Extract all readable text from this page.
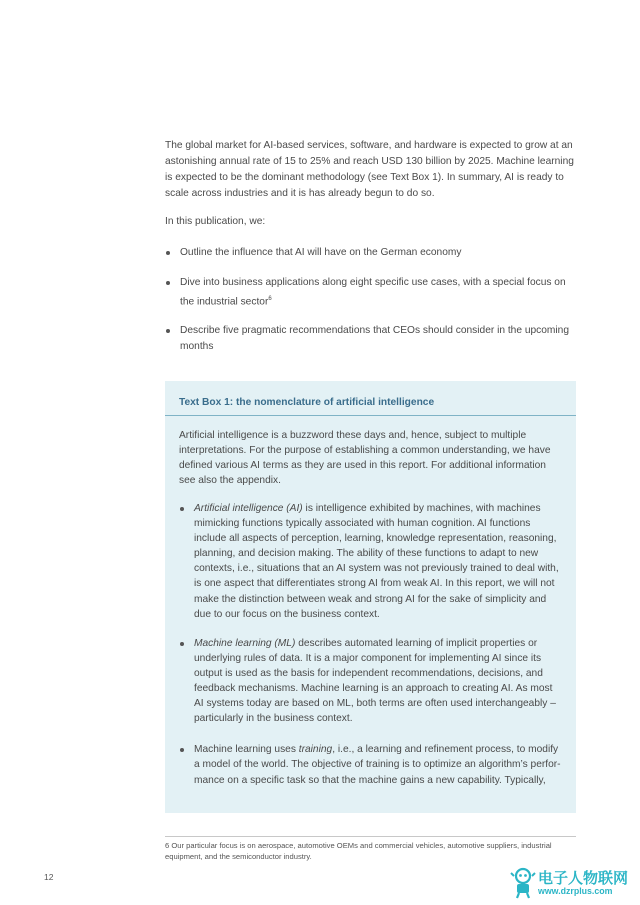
The global market for AI-based services, software, and hardware is expected to grow at an astonishing annual rate of 15 to 25% and reach USD 130 billion by 2025. Machine learning is expected to be the dominant methodology (see Text Box 1). In summary, AI is ready to scale across industries and it is has already begun to do so.

In this publication, we:

Outline the influence that AI will have on the German economy
Dive into business applications along eight specific use cases, with a special focus on the industrial sector$^6$
Describe five pragmatic recommendations that CEOs should consider in the upcoming months

Text Box 1: the nomenclature of artificial intelligence

Artificial intelligence is a buzzword these days and, hence, subject to multiple interpretations. For the purpose of establishing a common understanding, we have defined various AI terms as they are used in this report. For additional information see also the appendix.

Artificial intelligence (AI) is intelligence exhibited by machines, with machines mimicking functions typically associated with human cognition. AI functions include all aspects of perception, learning, knowledge representation, reasoning, planning, and decision making. The ability of these functions to adapt to new contexts, i.e., situations that an AI system was not previously trained to deal with, is one aspect that differentiates strong AI from weak AI. In this report, we will not make the distinction between weak and strong AI for the sake of simplicity and due to our focus on the business context.
Machine learning (ML) describes automated learning of implicit properties or underlying rules of data. It is a major component for implementing AI since its output is used as the basis for independent recommendations, decisions, and feedback mechanisms. Machine learning is an approach to creating AI. As most AI systems today are based on ML, both terms are often used interchangeably – particularly in the business context.
Machine learning uses training, i.e., a learning and refinement process, to modify a model of the world. The objective of training is to optimize an algorithm’s perfor-mance on a specific task so that the machine gains a new capability. Typically,

6 Our particular focus is on aerospace, automotive OEMs and commercial vehicles, automotive suppliers, industrial equipment, and the semiconductor industry.

12	电子人物联网
www.dzrplus.com
